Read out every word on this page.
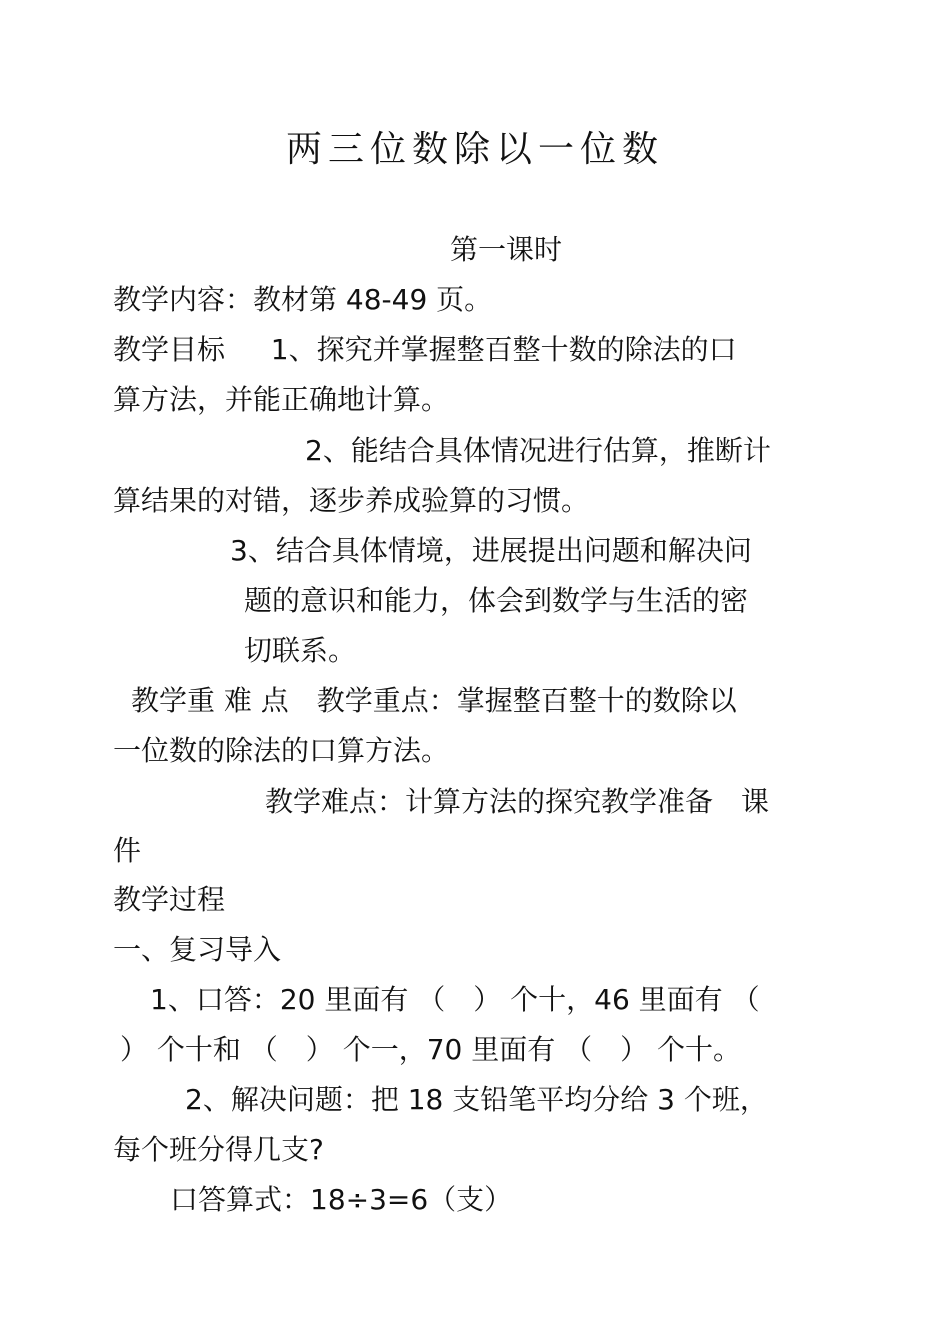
两三位数除以一位数
第一课时
教学内容：教材第 48-49 页。
教学目标　  1、探究并掌握整百整十数的除法的口
算方法，并能正确地计算。
2、能结合具体情况进行估算，推断计
算结果的对错，逐步养成验算的习惯。
3、结合具体情境，进展提出问题和解决问
题的意识和能力，体会到数学与生活的密
切联系。
教学重 难 点　教学重点：掌握整百整十的数除以
一位数的除法的口算方法。
教学难点：计算方法的探究教学准备　课
件
教学过程
一、复习导入
1、口答：20 里面有 （　） 个十，46 里面有 （
） 个十和 （　） 个一，70 里面有 （　） 个十。
2、解决问题：把 18 支铅笔平均分给 3 个班，
每个班分得几支?
口答算式：18÷3=6（支）
